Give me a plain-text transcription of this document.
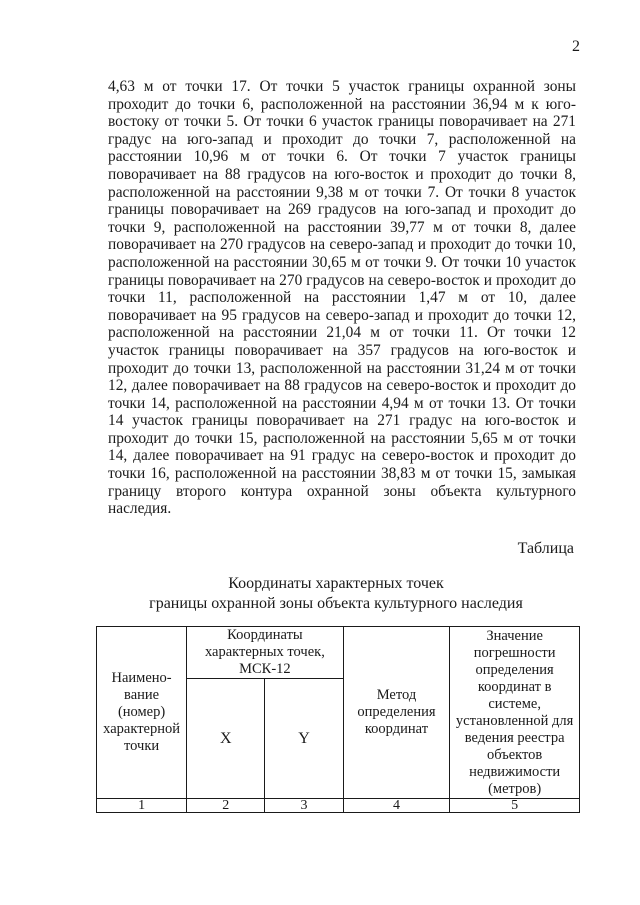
2

4,63 м от точки 17. От точки 5 участок границы охранной зоны проходит до точки 6, расположенной на расстоянии 36,94 м к юго-востоку от точки 5. От точки 6 участок границы поворачивает на 271 градус на юго-запад и проходит до точки 7, расположенной на расстоянии 10,96 м от точки 6. От точки 7 участок границы поворачивает на 88 градусов на юго-восток и проходит до точки 8, расположенной на расстоянии 9,38 м от точки 7. От точки 8 участок границы поворачивает на 269 градусов на юго-запад и проходит до точки 9, расположенной на расстоянии 39,77 м от точки 8, далее поворачивает на 270 градусов на северо-запад и проходит до точки 10, расположенной на расстоянии 30,65 м от точки 9. От точки 10 участок границы поворачивает на 270 градусов на северо-восток и проходит до точки 11, расположенной на расстоянии 1,47 м от 10, далее поворачивает на 95 градусов на северо-запад и проходит до точки 12, расположенной на расстоянии 21,04 м от точки 11. От точки 12 участок границы поворачивает на 357 градусов на юго-восток и проходит до точки 13, расположенной на расстоянии 31,24 м от точки 12, далее поворачивает на 88 градусов на северо-восток и проходит до точки 14, расположенной на расстоянии 4,94 м от точки 13. От точки 14 участок границы поворачивает на 271 градус на юго-восток и проходит до точки 15, расположенной на расстоянии 5,65 м от точки 14, далее поворачивает на 91 градус на северо-восток и проходит до точки 16, расположенной на расстоянии 38,83 м от точки 15, замыкая границу второго контура охранной зоны объекта культурного наследия.

Таблица
Координаты характерных точек
границы охранной зоны объекта культурного наследия
Наимено-вание (номер) характерной точки	Координаты характерных точек, МСК-12		Метод определения координат	Значение погрешности определения координат в системе, установленной для ведения реестра объектов недвижимости (метров)
	X	Y		
1	2	3	4	5
